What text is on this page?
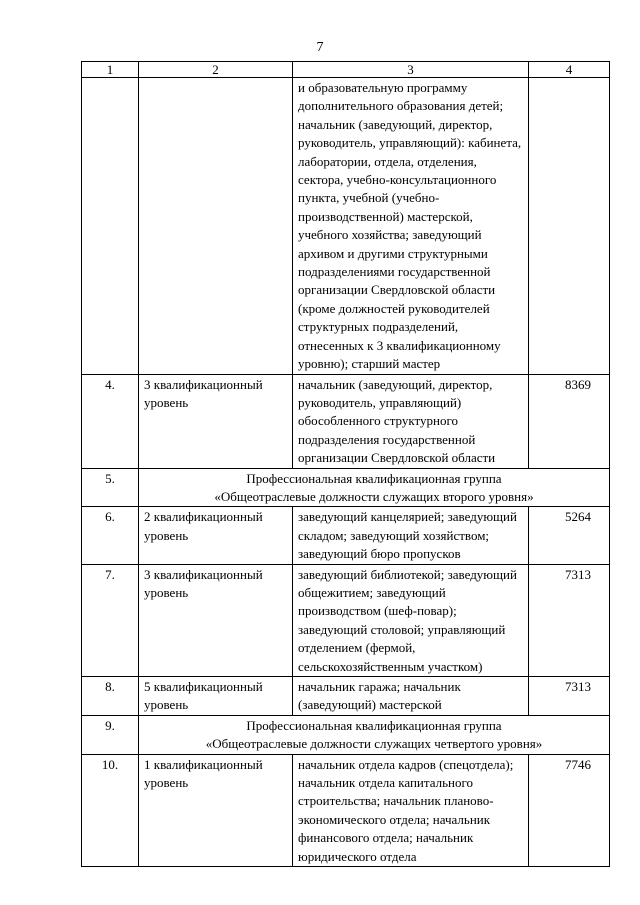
7
1	2	3	4
		и образовательную программу дополнительного образования детей; начальник (заведующий, директор, руководитель, управляющий): кабинета, лаборатории, отдела, отделения, сектора, учебно-консультационного пункта, учебной (учебно-производственной) мастерской, учебного хозяйства; заведующий архивом и другими структурными подразделениями государственной организации Свердловской области (кроме должностей руководителей структурных подразделений, отнесенных к 3 квалификационному уровню); старший мастер	
4.	3 квалификационный уровень	начальник (заведующий, директор, руководитель, управляющий) обособленного структурного подразделения государственной организации Свердловской области	8369
5.	Профессиональная квалификационная группа
«Общеотраслевые должности служащих второго уровня»		

6.	2 квалификационный уровень	заведующий канцелярией; заведующий складом; заведующий хозяйством; заведующий бюро пропусков	5264
7.	3 квалификационный уровень	заведующий библиотекой; заведующий общежитием; заведующий производством (шеф-повар); заведующий столовой; управляющий отделением (фермой, сельскохозяйственным участком)	7313
8.	5 квалификационный уровень	начальник гаража; начальник (заведующий) мастерской	7313
9.	Профессиональная квалификационная группа
«Общеотраслевые должности служащих четвертого уровня»		

10.	1 квалификационный уровень	начальник отдела кадров (спецотдела); начальник отдела капитального строительства; начальник планово-экономического отдела; начальник финансового отдела; начальник юридического отдела	7746
